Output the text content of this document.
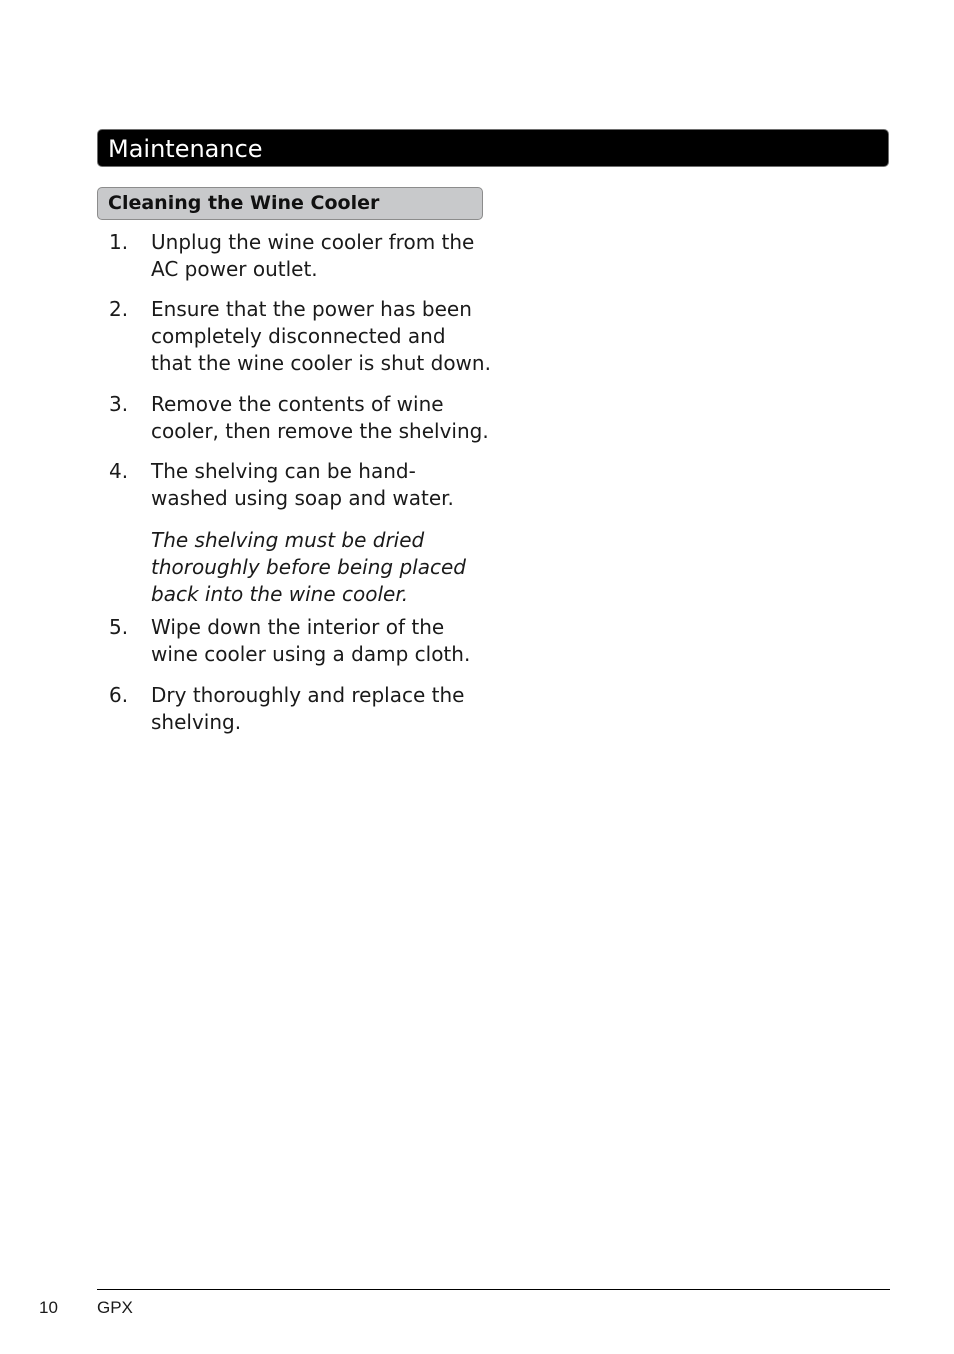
Maintenance
Cleaning the Wine Cooler
1. Unplug the wine cooler from the AC power outlet.
2. Ensure that the power has been completely disconnected and that the wine cooler is shut down.
3. Remove the contents of wine cooler, then remove the shelving.
4. The shelving can be hand-washed using soap and water.
The shelving must be dried thoroughly before being placed back into the wine cooler.
5. Wipe down the interior of the wine cooler using a damp cloth.
6. Dry thoroughly and replace the shelving.
10 GPX
